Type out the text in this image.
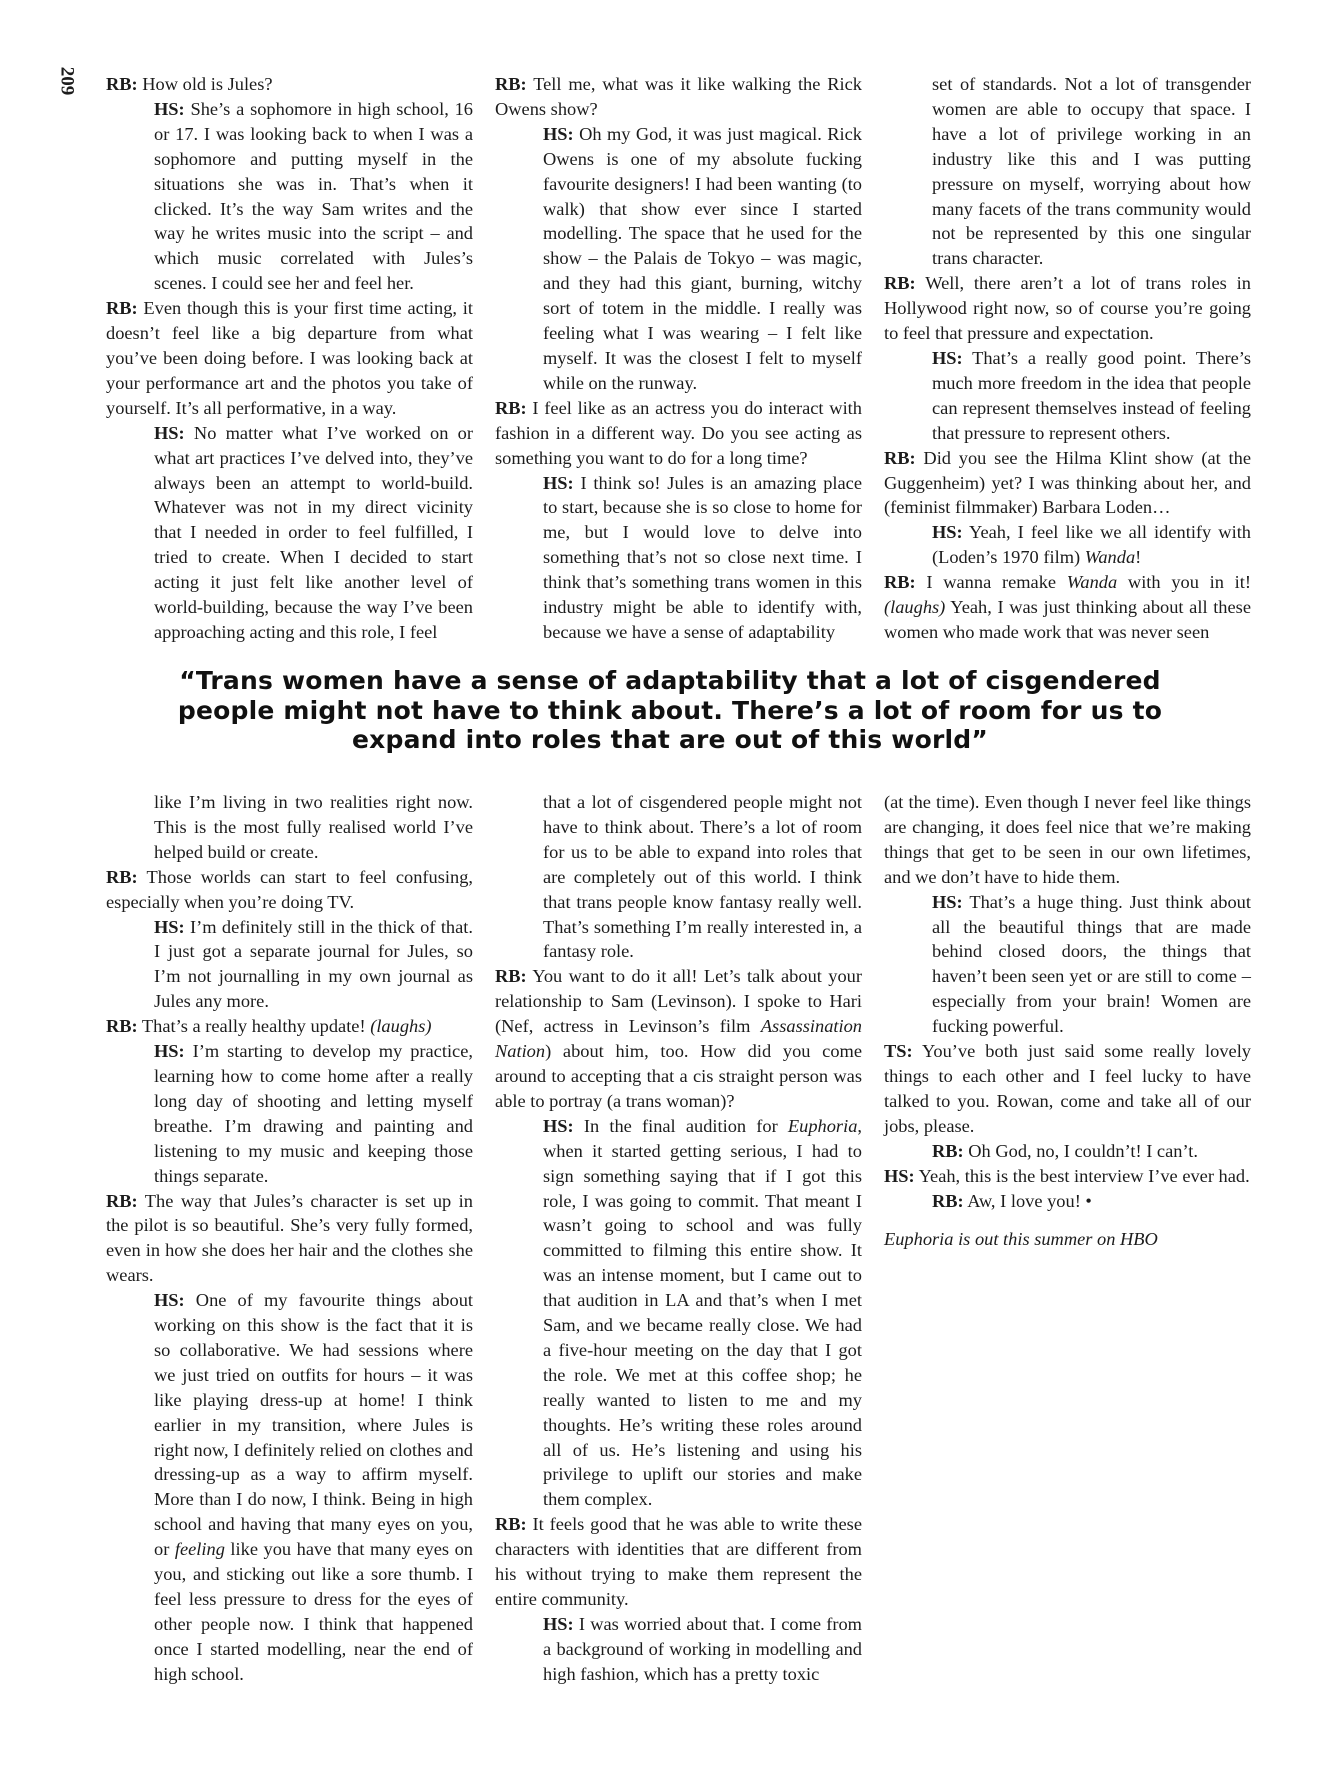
209 RB: How old is Jules?

HS: She’s a sophomore in high school, 16 or 17. I was looking back to when I was a sophomore and putting myself in the situations she was in. That’s when it clicked. It’s the way Sam writes and the way he writes music into the script – and which music correlated with Jules’s scenes. I could see her and feel her.

RB: Even though this is your first time acting, it doesn’t feel like a big departure from what you’ve been doing before. I was looking back at your performance art and the photos you take of yourself. It’s all performative, in a way.

HS: No matter what I’ve worked on or what art practices I’ve delved into, they’ve always been an attempt to world-build. Whatever was not in my direct vicinity that I needed in order to feel fulfilled, I tried to create. When I decided to start acting it just felt like another level of world-building, because the way I’ve been approaching acting and this role, I feel

RB: Tell me, what was it like walking the Rick Owens show?

HS: Oh my God, it was just magical. Rick Owens is one of my absolute fucking favourite designers! I had been wanting (to walk) that show ever since I started modelling. The space that he used for the show – the Palais de Tokyo – was magic, and they had this giant, burning, witchy sort of totem in the middle. I really was feeling what I was wearing – I felt like myself. It was the closest I felt to myself while on the runway.

RB: I feel like as an actress you do interact with fashion in a different way. Do you see acting as something you want to do for a long time?

HS: I think so! Jules is an amazing place to start, because she is so close to home for me, but I would love to delve into something that’s not so close next time. I think that’s something trans women in this industry might be able to identify with, because we have a sense of adaptability

set of standards. Not a lot of transgender women are able to occupy that space. I have a lot of privilege working in an industry like this and I was putting pressure on myself, worrying about how many facets of the trans community would not be represented by this one singular trans character.

RB: Well, there aren’t a lot of trans roles in Hollywood right now, so of course you’re going to feel that pressure and expectation.

HS: That’s a really good point. There’s much more freedom in the idea that people can represent themselves instead of feeling that pressure to represent others.

RB: Did you see the Hilma Klint show (at the Guggenheim) yet? I was thinking about her, and (feminist filmmaker) Barbara Loden…

HS: Yeah, I feel like we all identify with (Loden’s 1970 film) Wanda!

RB: I wanna remake Wanda with you in it! (laughs) Yeah, I was just thinking about all these women who made work that was never seen

“Trans women have a sense of adaptability that a lot of cisgendered people might not have to think about. There’s a lot of room for us to expand into roles that are out of this world”

like I’m living in two realities right now. This is the most fully realised world I’ve helped build or create.

RB: Those worlds can start to feel confusing, especially when you’re doing TV.

HS: I’m definitely still in the thick of that. I just got a separate journal for Jules, so I’m not journalling in my own journal as Jules any more.

RB: That’s a really healthy update! (laughs)

HS: I’m starting to develop my practice, learning how to come home after a really long day of shooting and letting myself breathe. I’m drawing and painting and listening to my music and keeping those things separate.

RB: The way that Jules’s character is set up in the pilot is so beautiful. She’s very fully formed, even in how she does her hair and the clothes she wears.

HS: One of my favourite things about working on this show is the fact that it is so collaborative. We had sessions where we just tried on outfits for hours – it was like playing dress-up at home! I think earlier in my transition, where Jules is right now, I definitely relied on clothes and dressing-up as a way to affirm myself. More than I do now, I think. Being in high school and having that many eyes on you, or feeling like you have that many eyes on you, and sticking out like a sore thumb. I feel less pressure to dress for the eyes of other people now. I think that happened once I started modelling, near the end of high school.

that a lot of cisgendered people might not have to think about. There’s a lot of room for us to be able to expand into roles that are completely out of this world. I think that trans people know fantasy really well. That’s something I’m really interested in, a fantasy role.

RB: You want to do it all! Let’s talk about your relationship to Sam (Levinson). I spoke to Hari (Nef, actress in Levinson’s film Assassination Nation) about him, too. How did you come around to accepting that a cis straight person was able to portray (a trans woman)?

HS: In the final audition for Euphoria, when it started getting serious, I had to sign something saying that if I got this role, I was going to commit. That meant I wasn’t going to school and was fully committed to filming this entire show. It was an intense moment, but I came out to that audition in LA and that’s when I met Sam, and we became really close. We had a five-hour meeting on the day that I got the role. We met at this coffee shop; he really wanted to listen to me and my thoughts. He’s writing these roles around all of us. He’s listening and using his privilege to uplift our stories and make them complex.

RB: It feels good that he was able to write these characters with identities that are different from his without trying to make them represent the entire community.

HS: I was worried about that. I come from a background of working in modelling and high fashion, which has a pretty toxic

(at the time). Even though I never feel like things are changing, it does feel nice that we’re making things that get to be seen in our own lifetimes, and we don’t have to hide them.

HS: That’s a huge thing. Just think about all the beautiful things that are made behind closed doors, the things that haven’t been seen yet or are still to come – especially from your brain! Women are fucking powerful.

TS: You’ve both just said some really lovely things to each other and I feel lucky to have talked to you. Rowan, come and take all of our jobs, please.

RB: Oh God, no, I couldn’t! I can’t.

HS: Yeah, this is the best interview I’ve ever had.

RB: Aw, I love you! •

Euphoria is out this summer on HBO
